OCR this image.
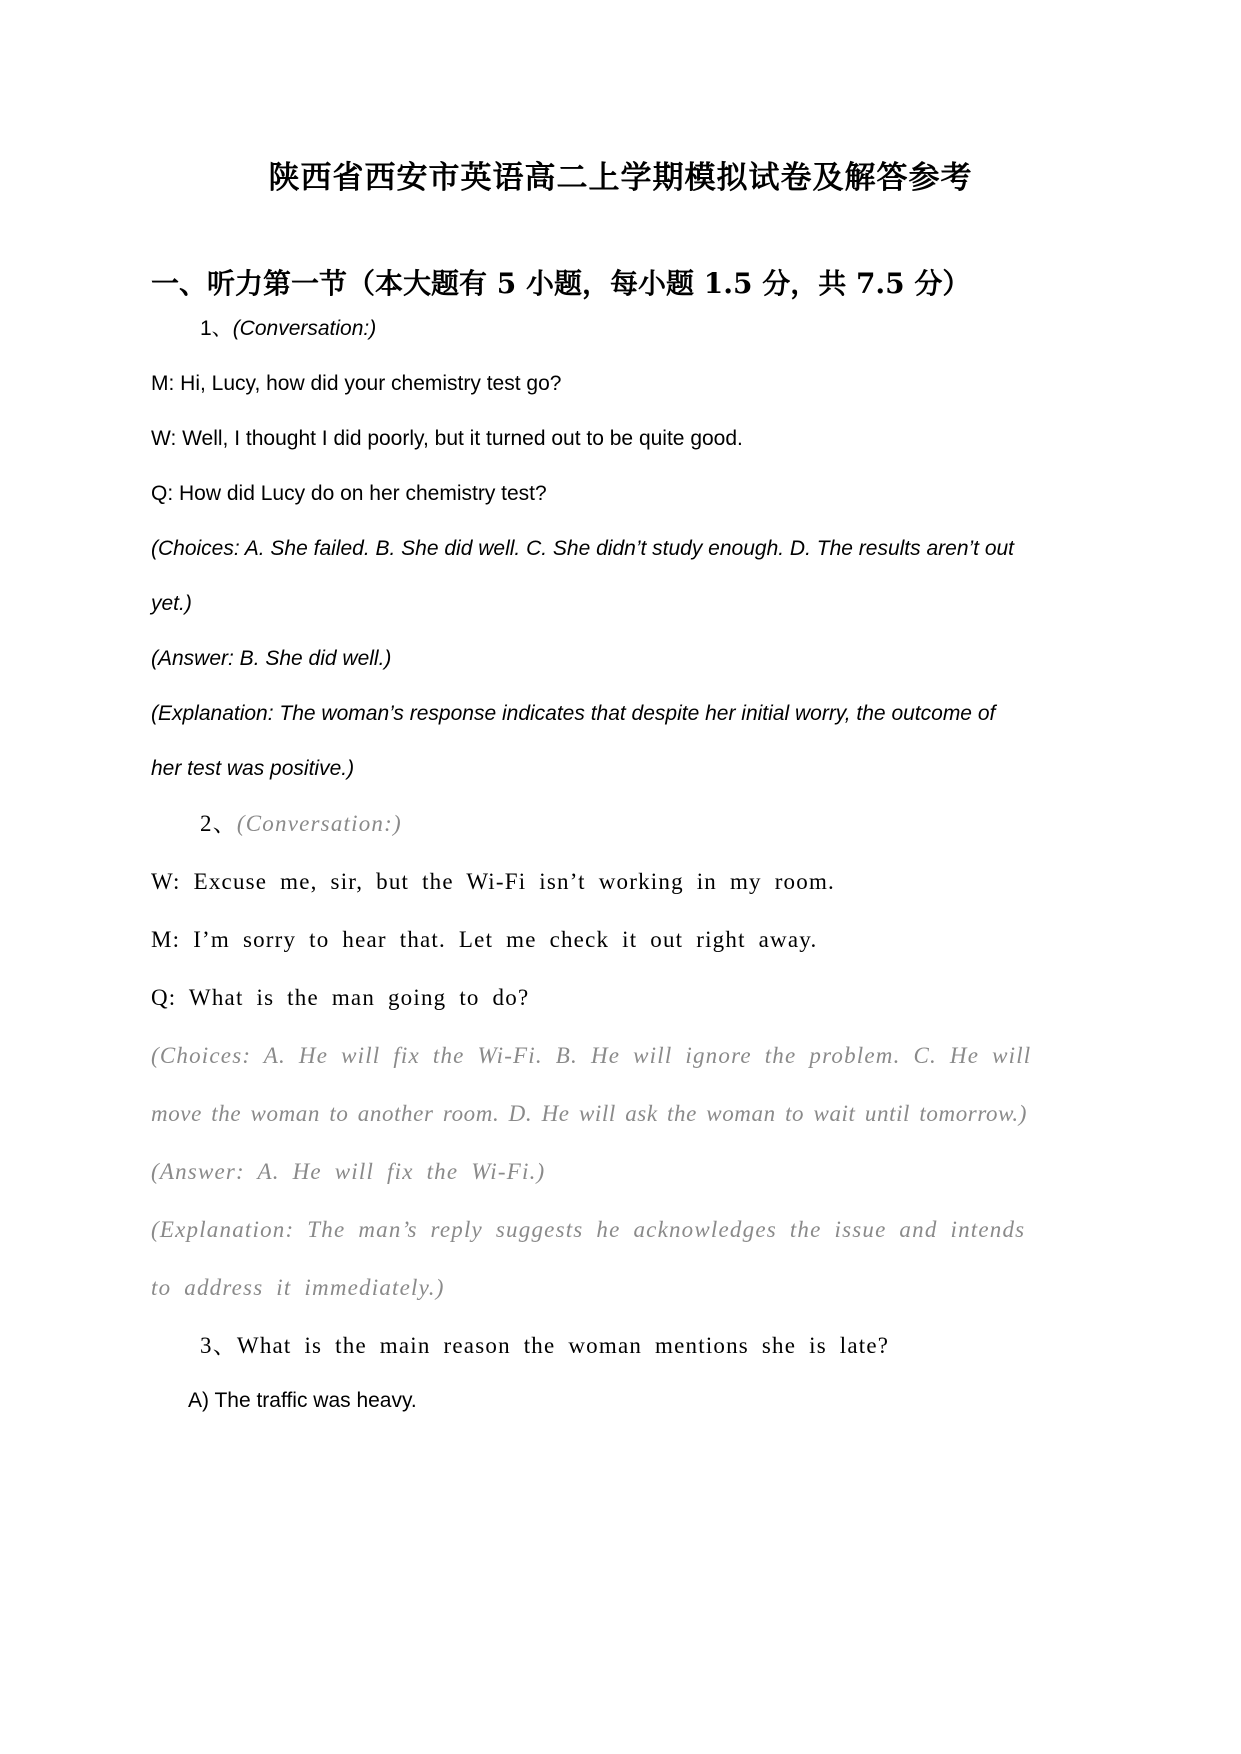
陕西省西安市英语高二上学期模拟试卷及解答参考
一、听力第一节（本大题有 5 小题，每小题 1.5 分，共 7.5 分）
1、(Conversation:)
M: Hi, Lucy, how did your chemistry test go?
W: Well, I thought I did poorly, but it turned out to be quite good.
Q: How did Lucy do on her chemistry test?
(Choices: A. She failed. B. She did well. C. She didn’t study enough. D. The results aren’t out
yet.)
(Answer: B. She did well.)
(Explanation: The woman’s response indicates that despite her initial worry, the outcome of
her test was positive.)
2、(Conversation:)
W: Excuse me, sir, but the Wi-Fi isn’t working in my room.
M: I’m sorry to hear that. Let me check it out right away.
Q: What is the man going to do?
(Choices: A. He will fix the Wi-Fi. B. He will ignore the problem. C. He will
move the woman to another room. D. He will ask the woman to wait until tomorrow.)
(Answer: A. He will fix the Wi-Fi.)
(Explanation: The man’s reply suggests he acknowledges the issue and intends
to address it immediately.)
3、What is the main reason the woman mentions she is late?
A) The traffic was heavy.
